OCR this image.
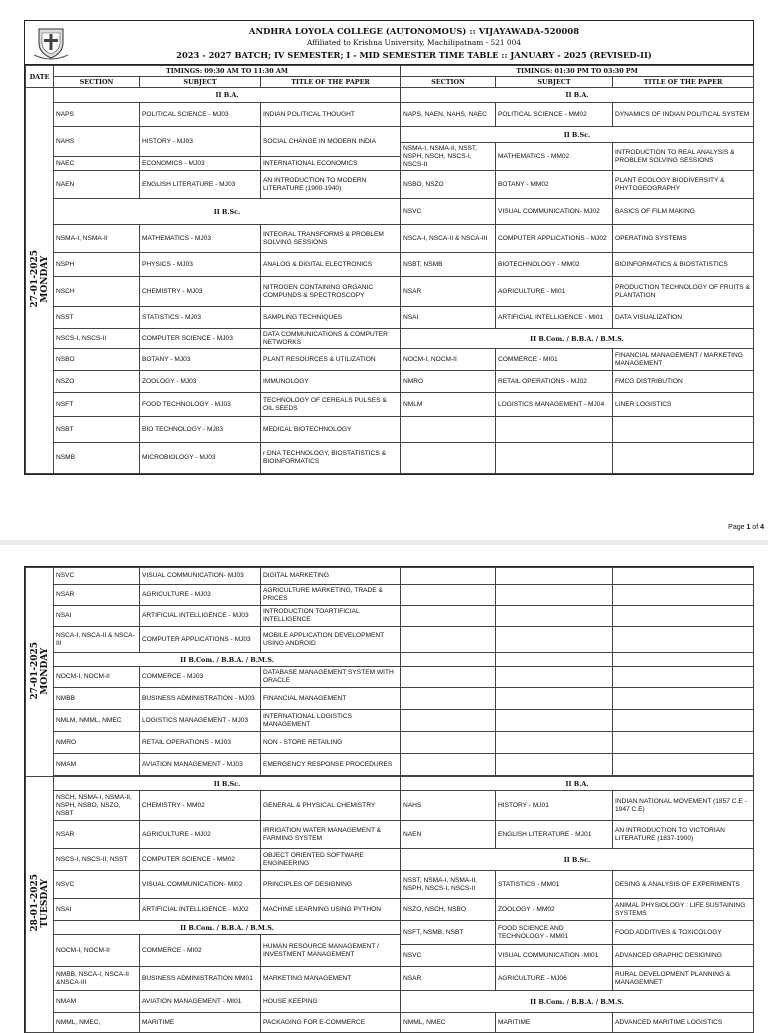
ANDHRA LOYOLA COLLEGE (AUTONOMOUS) :: VIJAYAWADA-520008
Affiliated to Krishna University, Machilipatnam - 521 004
2023 - 2027 BATCH; IV SEMESTER; I - MID SEMESTER TIME TABLE :: JANUARY - 2025 (REVISED-II)
DATE	TIMINGS: 09:30 AM TO 11:30 AM			TIMINGS: 01:30 PM TO 03:30 PM		
	SECTION	SUBJECT	TITLE OF THE PAPER	SECTION	SUBJECT	TITLE OF THE PAPER
27-01-2025
MONDAY	II B.A.			II B.A.		
	NAPS	POLITICAL SCIENCE - MJ03	INDIAN POLITICAL THOUGHT	NAPS, NAEN, NAHS, NAEC	POLITICAL SCIENCE - MM02	DYNAMICS OF INDIAN POLITICAL SYSTEM
	NAHS	HISTORY - MJ03	SOCIAL CHANGE IN MODERN INDIA	II B.Sc.		
				NSMA-I, NSMA-II, NSST, NSPH, NSCH, NSCS-I, NSCS-II	MATHEMATICS - MM02	INTRODUCTION TO REAL ANALYSIS & PROBLEM SOLVING SESSIONS
	NAEC	ECONOMICS - MJ03	INTERNATIONAL ECONOMICS			
	NAEN	ENGLISH LITERATURE - MJ03	AN INTRODUCTION TO MODERN LITERATURE (1900-1940)	NSBO, NSZO	BOTANY - MM02	PLANT ECOLOGY BIODIVERSITY & PHYTOGEOGRAPHY
	II B.Sc.			NSVC	VISUAL COMMUNICATION- MJ02	BASICS OF FILM MAKING
	NSMA-I, NSMA-II	MATHEMATICS - MJ03	INTEGRAL TRANSFORMS & PROBLEM SOLVING SESSIONS	NSCA-I, NSCA-II & NSCA-III	COMPUTER APPLICATIONS - MJ02	OPERATING SYSTEMS
	NSPH	PHYSICS - MJ03	ANALOG & DIGITAL ELECTRONICS	NSBT, NSMB	BIOTECHNOLOGY - MM02	BIOINFORMATICS & BIOSTATISTICS
	NSCH	CHEMISTRY - MJ03	NITROGEN CONTAINING ORGANIC COMPUNDS & SPECTROSCOPY	NSAR	AGRICULTURE - MI01	PRODUCTION TECHNOLOGY OF FRUITS & PLANTATION
	NSST	STATISTICS - MJ03	SAMPLING TECHNIQUES	NSAI	ARTIFICIAL INTELLIGENCE - MI01	DATA VISUALIZATION
	NSCS-I, NSCS-II	COMPUTER SCIENCE - MJ03	DATA COMMUNICATIONS & COMPUTER NETWORKS	II B.Com. / B.B.A. / B.M.S.		
	NSBO	BOTANY - MJ03	PLANT RESOURCES & UTILIZATION	NOCM-I, NOCM-II	COMMERCE - MI01	FINANCIAL MANAGEMENT / MARKETING MANAGEMENT
	NSZO	ZOOLOGY - MJ03	IMMUNOLOGY	NMRO	RETAIL OPERATIONS - MJ02	FMCG DISTRIBUTION
	NSFT	FOOD TECHNOLOGY - MJ03	TECHNOLOGY OF CEREALS PULSES & OIL SEEDS	NMLM	LOGISTICS MANAGEMENT - MJ04	LINER LOGISTICS
	NSBT	BIO TECHNOLOGY - MJ03	MEDICAL BIOTECHNOLOGY			
	NSMB	MICROBIOLOGY - MJ03	r DNA TECHNOLOGY, BIOSTATISTICS & BIOINFORMATICS			
Page 1 of 4
27-01-2025
MONDAY	NSVC	VISUAL COMMUNICATION- MJ03	DIGITAL MARKETING			
	NSAR	AGRICULTURE - MJ03	AGRICULTURE MARKETING, TRADE & PRICES			
	NSAI	ARTIFICIAL INTELLIGENCE - MJ03	INTRODUCTION TOARTIFICIAL INTELLIGENCE			
	NSCA-I, NSCA-II & NSCA-III	COMPUTER APPLICATIONS - MJ03	MOBILE APPLICATION DEVELOPMENT USING ANDROID			
	II B.Com. / B.B.A. / B.M.S.					
	NOCM-I, NOCM-II	COMMERCE - MJ03	DATABASE MANAGEMENT SYSTEM WITH ORACLE			
	NMBB	BUSINESS ADMINISTRATION - MJ03	FINANCIAL MANAGEMENT			
	NMLM, NMML, NMEC	LOGISTICS MANAGEMENT - MJ03	INTERNATIONAL LOGISTICS MANAGEMENT			
	NMRO	RETAIL OPERATIONS - MJ03	NON - STORE RETAILING			
	NMAM	AVIATION MANAGEMENT - MJ03	EMERGENCY RESPONSE PROCEDURES			

28-01-2025
TUESDAY	II B.Sc.			II B.A.		
	NSCH, NSMA-I, NSMA-II, NSPH, NSBO, NSZO, NSBT	CHEMISTRY - MM02	GENERAL & PHYSICAL CHEMISTRY	NAHS	HISTORY - MJ01	INDIAN NATIONAL MOVEMENT (1857 C.E - 1947 C.E)
	NSAR	AGRICULTURE - MJ02	IRRIGATION WATER MANAGEMENT & FARMING SYSTEM	NAEN	ENGLISH LITERATURE - MJ01	AN INTRODUCTION TO VICTORIAN LITERATURE (1837-1900)
	NSCS-I, NSCS-II, NSST	COMPUTER SCIENCE - MM02	OBJECT ORIENTED SOFTWARE ENGINEERING	II B.Sc.		
	NSVC	VISUAL COMMUNICATION- MI02	PRINCIPLES OF DESIGNING	NSST, NSMA-I, NSMA-II, NSPH, NSCS-I, NSCS-II	STATISTICS - MM01	DESING & ANALYSIS OF EXPERIMENTS
	NSAI	ARTIFICIAL INTELLIGENCE - MJ02	MACHINE LEARNING USING PYTHON	NSZO, NSCH, NSBO	ZOOLOGY - MM02	ANIMAL PHYSIOLOGY : LIFE SUSTAINING SYSTEMS
	II B.Com. / B.B.A. / B.M.S.			NSFT, NSMB, NSBT	FOOD SCIENCE AND TECHNOLOGY - MM01	FOOD ADDITIVES & TOXICOLOGY
	NOCM-I, NOCM-II	COMMERCE - MI02	HUMAN RESOURCE MANAGEMENT / INVESTMENT MANAGEMENT			
				NSVC	VISUAL COMMUNICATION -MI01	ADVANCED GRAPHIC DESIGNING
	NMBB, NSCA-I, NSCA-II &NSCA-III	BUSINESS ADMINISTRATION MM01	MARKETING MANAGEMENT	NSAR	AGRICULTURE - MJ06	RURAL DEVELOPMENT PLANNING & MANAGEMNET
	NMAM	AVIATION MANAGEMENT - MI01	HOUSE KEEPING	II B.Com. / B.B.A. / B.M.S.		
	NMML, NMEC,	MARITIME	PACKAGING FOR E-COMMERCE	NMML, NMEC	MARITIME	ADVANCED MARITIME LOGISTICS
